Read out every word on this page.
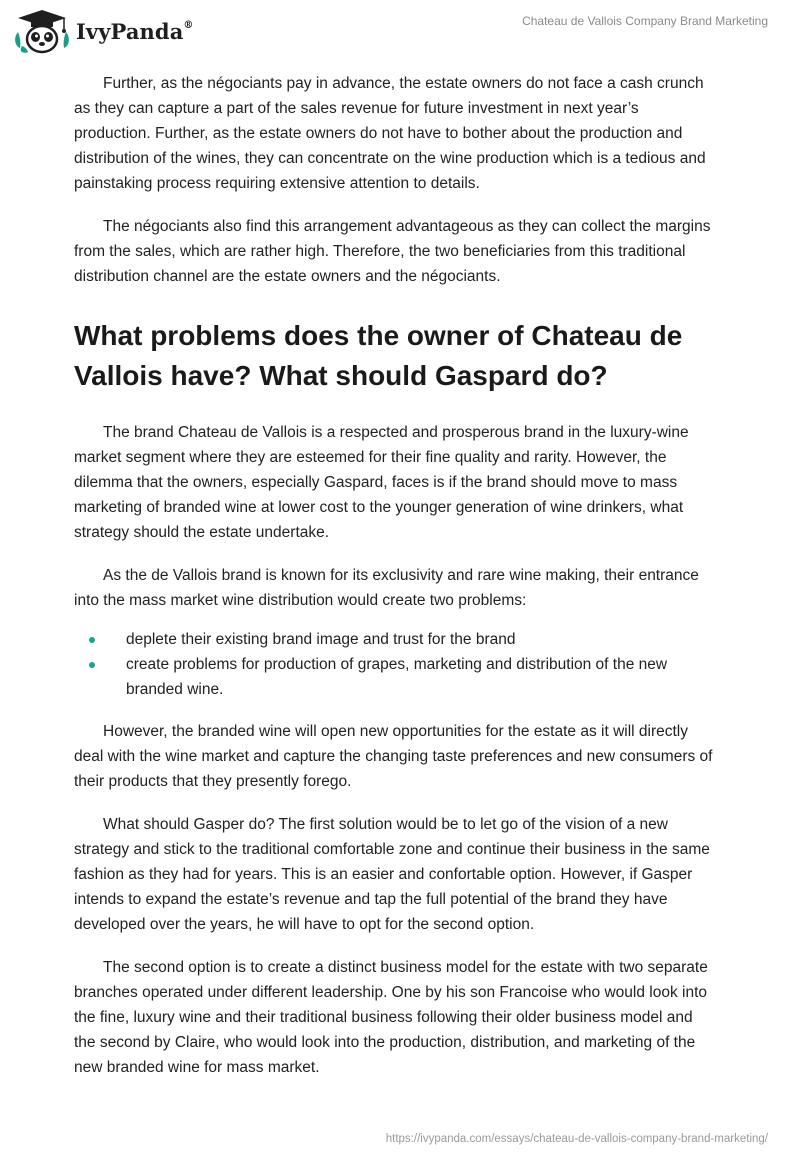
IvyPanda®	Chateau de Vallois Company Brand Marketing

Further, as the négociants pay in advance, the estate owners do not face a cash crunch as they can capture a part of the sales revenue for future investment in next year’s production. Further, as the estate owners do not have to bother about the production and distribution of the wines, they can concentrate on the wine production which is a tedious and painstaking process requiring extensive attention to details.

The négociants also find this arrangement advantageous as they can collect the margins from the sales, which are rather high. Therefore, the two beneficiaries from this traditional distribution channel are the estate owners and the négociants.

What problems does the owner of Chateau de Vallois have? What should Gaspard do?

The brand Chateau de Vallois is a respected and prosperous brand in the luxury-wine market segment where they are esteemed for their fine quality and rarity. However, the dilemma that the owners, especially Gaspard, faces is if the brand should move to mass marketing of branded wine at lower cost to the younger generation of wine drinkers, what strategy should the estate undertake.

As the de Vallois brand is known for its exclusivity and rare wine making, their entrance into the mass market wine distribution would create two problems:

deplete their existing brand image and trust for the brand
create problems for production of grapes, marketing and distribution of the new branded wine.

However, the branded wine will open new opportunities for the estate as it will directly deal with the wine market and capture the changing taste preferences and new consumers of their products that they presently forego.

What should Gasper do? The first solution would be to let go of the vision of a new strategy and stick to the traditional comfortable zone and continue their business in the same fashion as they had for years. This is an easier and confortable option. However, if Gasper intends to expand the estate’s revenue and tap the full potential of the brand they have developed over the years, he will have to opt for the second option.

The second option is to create a distinct business model for the estate with two separate branches operated under different leadership. One by his son Francoise who would look into the fine, luxury wine and their traditional business following their older business model and the second by Claire, who would look into the production, distribution, and marketing of the new branded wine for mass market.

https://ivypanda.com/essays/chateau-de-vallois-company-brand-marketing/
